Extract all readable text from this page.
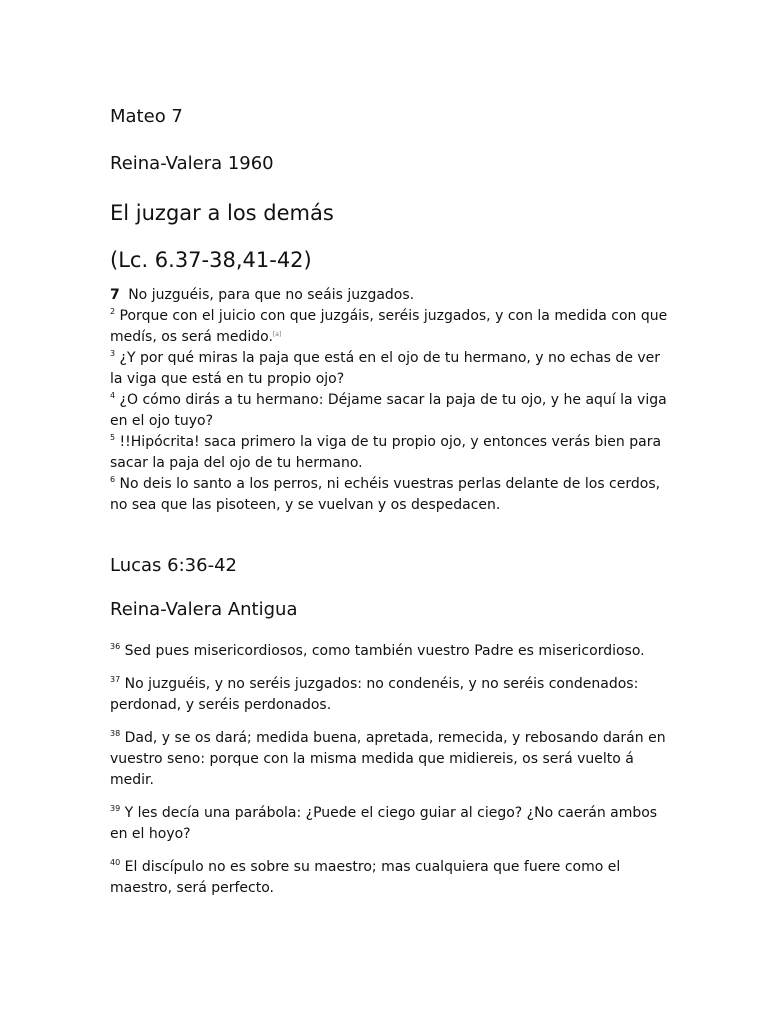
Mateo 7
Reina-Valera 1960
El juzgar a los demás
(Lc. 6.37-38,41-42)

7 No juzguéis, para que no seáis juzgados.

$^2$ Porque con el juicio con que juzgáis, seréis juzgados, y con la medida con que medís, os será medido.[a]

$^3$ ¿Y por qué miras la paja que está en el ojo de tu hermano, y no echas de ver la viga que está en tu propio ojo?

$^4$ ¿O cómo dirás a tu hermano: Déjame sacar la paja de tu ojo, y he aquí la viga en el ojo tuyo?

$^5$ !!Hipócrita! saca primero la viga de tu propio ojo, y entonces verás bien para sacar la paja del ojo de tu hermano.

$^6$ No deis lo santo a los perros, ni echéis vuestras perlas delante de los cerdos, no sea que las pisoteen, y se vuelvan y os despedacen.

Lucas 6:36-42
Reina-Valera Antigua

$^{36}$ Sed pues misericordiosos, como también vuestro Padre es misericordioso.

$^{37}$ No juzguéis, y no seréis juzgados: no condenéis, y no seréis condenados: perdonad, y seréis perdonados.

$^{38}$ Dad, y se os dará; medida buena, apretada, remecida, y rebosando darán en vuestro seno: porque con la misma medida que midiereis, os será vuelto á medir.

$^{39}$ Y les decía una parábola: ¿Puede el ciego guiar al ciego? ¿No caerán ambos en el hoyo?

$^{40}$ El discípulo no es sobre su maestro; mas cualquiera que fuere como el maestro, será perfecto.
